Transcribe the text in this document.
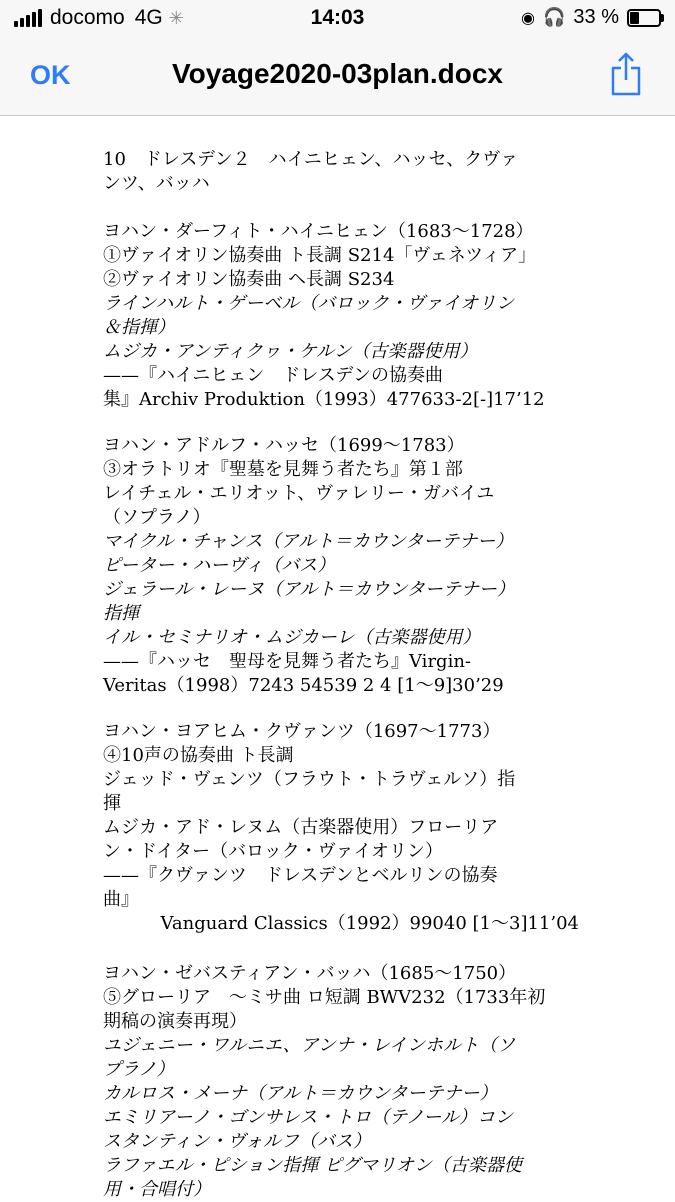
docomo 4G ✳	14:03	◉ 🎧 33 %
OK	Voyage2020-03plan.docx
10　ドレスデン２　ハイニヒェン、ハッセ、クヴァ
ンツ、バッハ
ヨハン・ダーフィト・ハイニヒェン（1683〜1728）
①ヴァイオリン協奏曲 ト長調 S214「ヴェネツィア」
②ヴァイオリン協奏曲 ヘ長調 S234
ラインハルト・ゲーベル（バロック・ヴァイオリン
＆指揮）
ムジカ・アンティクヮ・ケルン（古楽器使用）
——『ハイニヒェン　ドレスデンの協奏曲
集』Archiv Produktion（1993）477633-2[-]17’12
ヨハン・アドルフ・ハッセ（1699〜1783）
③オラトリオ『聖墓を見舞う者たち』第１部
レイチェル・エリオット、ヴァレリー・ガバイユ
（ソプラノ）
マイクル・チャンス（アルト＝カウンターテナー）
ピーター・ハーヴィ（バス）
ジェラール・レーヌ（アルト＝カウンターテナー）
指揮
イル・セミナリオ・ムジカーレ（古楽器使用）
——『ハッセ　聖母を見舞う者たち』Virgin-
Veritas（1998）7243 54539 2 4 [1〜9]30’29
ヨハン・ヨアヒム・クヴァンツ（1697〜1773）
④10声の協奏曲 ト長調
ジェッド・ヴェンツ（フラウト・トラヴェルソ）指
揮
ムジカ・アド・レヌム（古楽器使用）フローリア
ン・ドイター（バロック・ヴァイオリン）
——『クヴァンツ　ドレスデンとベルリンの協奏
曲』
Vanguard Classics（1992）99040 [1〜3]11’04
ヨハン・ゼバスティアン・バッハ（1685〜1750）
⑤グローリア　〜ミサ曲 ロ短調 BWV232（1733年初
期稿の演奏再現）
ユジェニー・ワルニエ、アンナ・レインホルト（ソ
プラノ）
カルロス・メーナ（アルト＝カウンターテナー）
エミリアーノ・ゴンサレス・トロ（テノール）コン
スタンティン・ヴォルフ（バス）
ラファエル・ピション指揮 ピグマリオン（古楽器使
用・合唱付）
